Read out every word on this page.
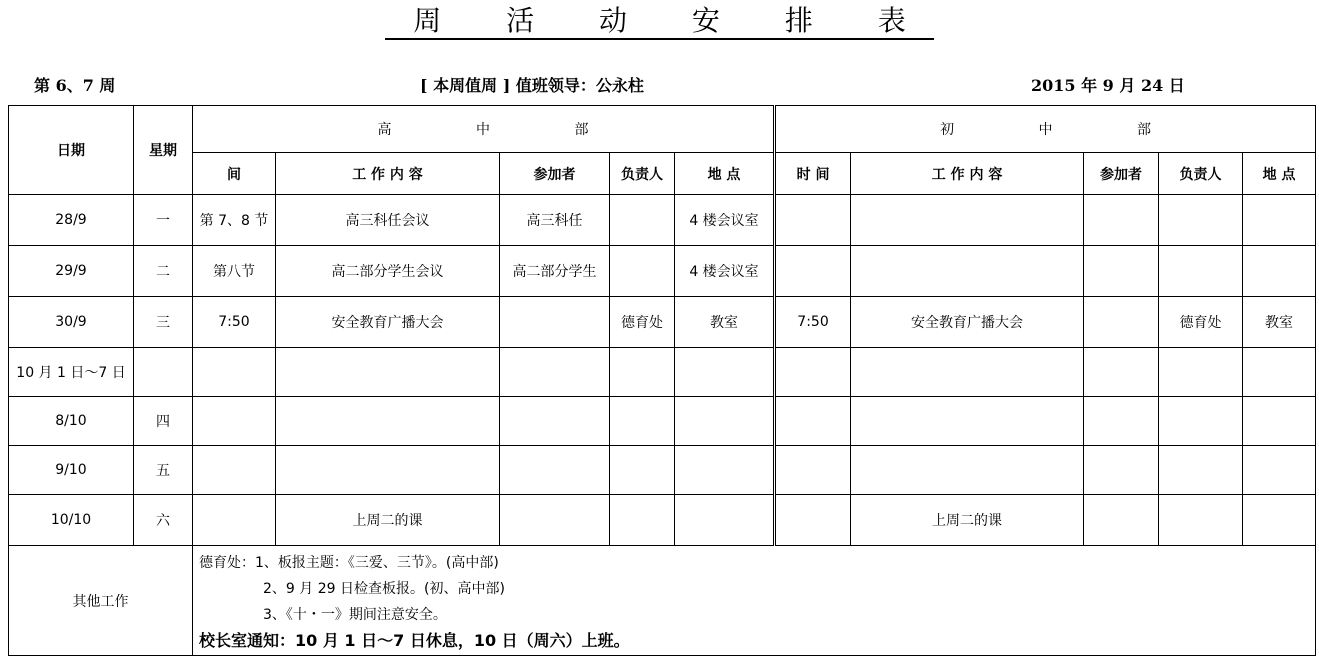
周 活 动 安 排 表
第 6、7 周	[ 本周值周 ] 值班领导：公永柱	2015 年 9 月 24 日
日期	星期	高 中 部					初 中 部				
		间	工 作 内 容	参加者	负责人	地 点	时 间	工 作 内 容	参加者	负责人	地 点
28/9	一	第 7、8 节	高三科任会议	高三科任		4 楼会议室					
29/9	二	第八节	高二部分学生会议	高二部分学生		4 楼会议室					
30/9	三	7:50	安全教育广播大会		德育处	教室	7:50	安全教育广播大会		德育处	教室
10 月 1 日～7 日											
8/10	四										
9/10	五										
10/10	六		上周二的课					上周二的课			
其他工作		德育处：1、板报主题：《三爱、三节》。(高中部)
2、9 月 29 日检查板报。(初、高中部)
3、《十・一》期间注意安全。
校长室通知：10 月 1 日～7 日休息，10 日（周六）上班。									
